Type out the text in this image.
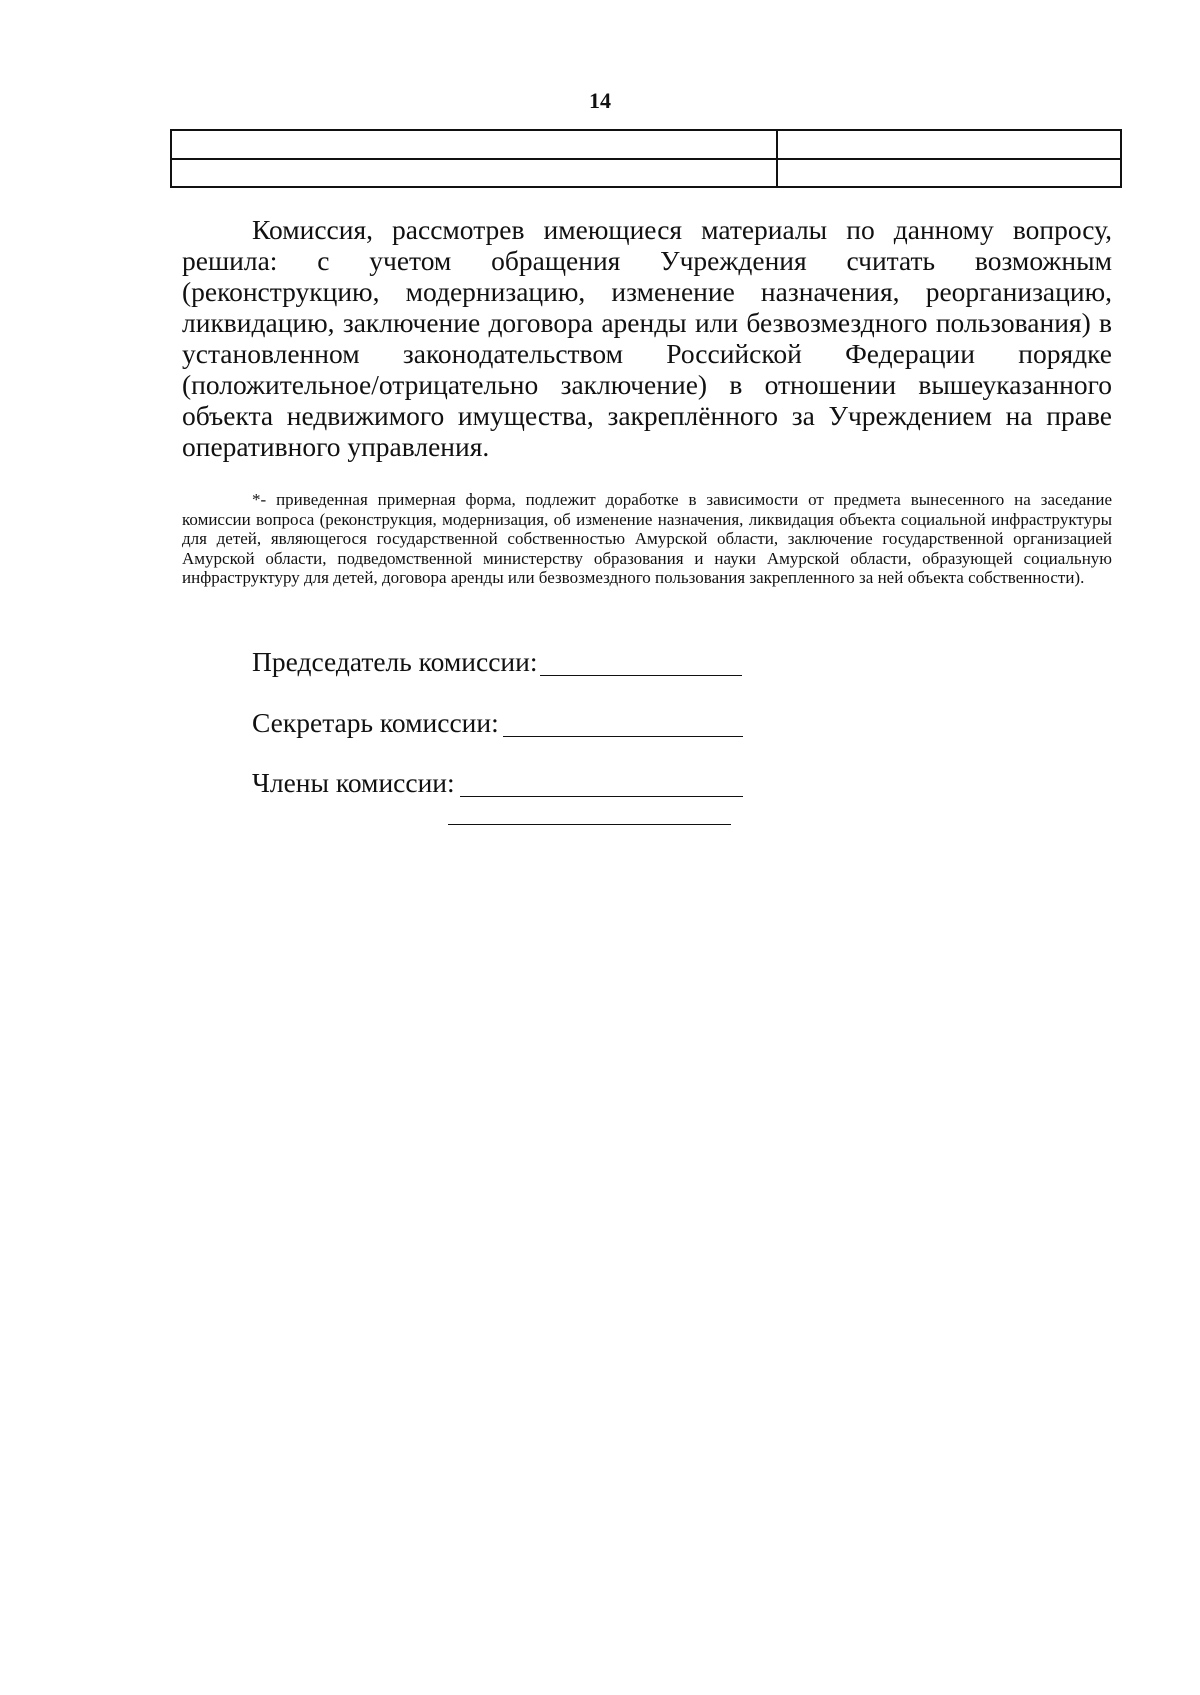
14

Комиссия, рассмотрев имеющиеся материалы по данному вопросу, решила: с учетом обращения Учреждения считать возможным (реконструкцию, модернизацию, изменение назначения, реорганизацию, ликвидацию, заключение договора аренды или безвозмездного пользования) в установленном законодательством Российской Федерации порядке (положительное/отрицательно заключение) в отношении вышеуказанного объекта недвижимого имущества, закреплённого за Учреждением на праве оперативного управления.

*- приведенная примерная форма, подлежит доработке в зависимости от предмета вынесенного на заседание комиссии вопроса (реконструкция, модернизация, об изменение назначения, ликвидация объекта социальной инфраструктуры для детей, являющегося государственной собственностью Амурской области, заключение государственной организацией Амурской области, подведомственной министерству образования и науки Амурской области, образующей социальную инфраструктуру для детей, договора аренды или безвозмездного пользования закрепленного за ней объекта собственности).

Председатель комиссии:
Секретарь комиссии:
Члены комиссии:
